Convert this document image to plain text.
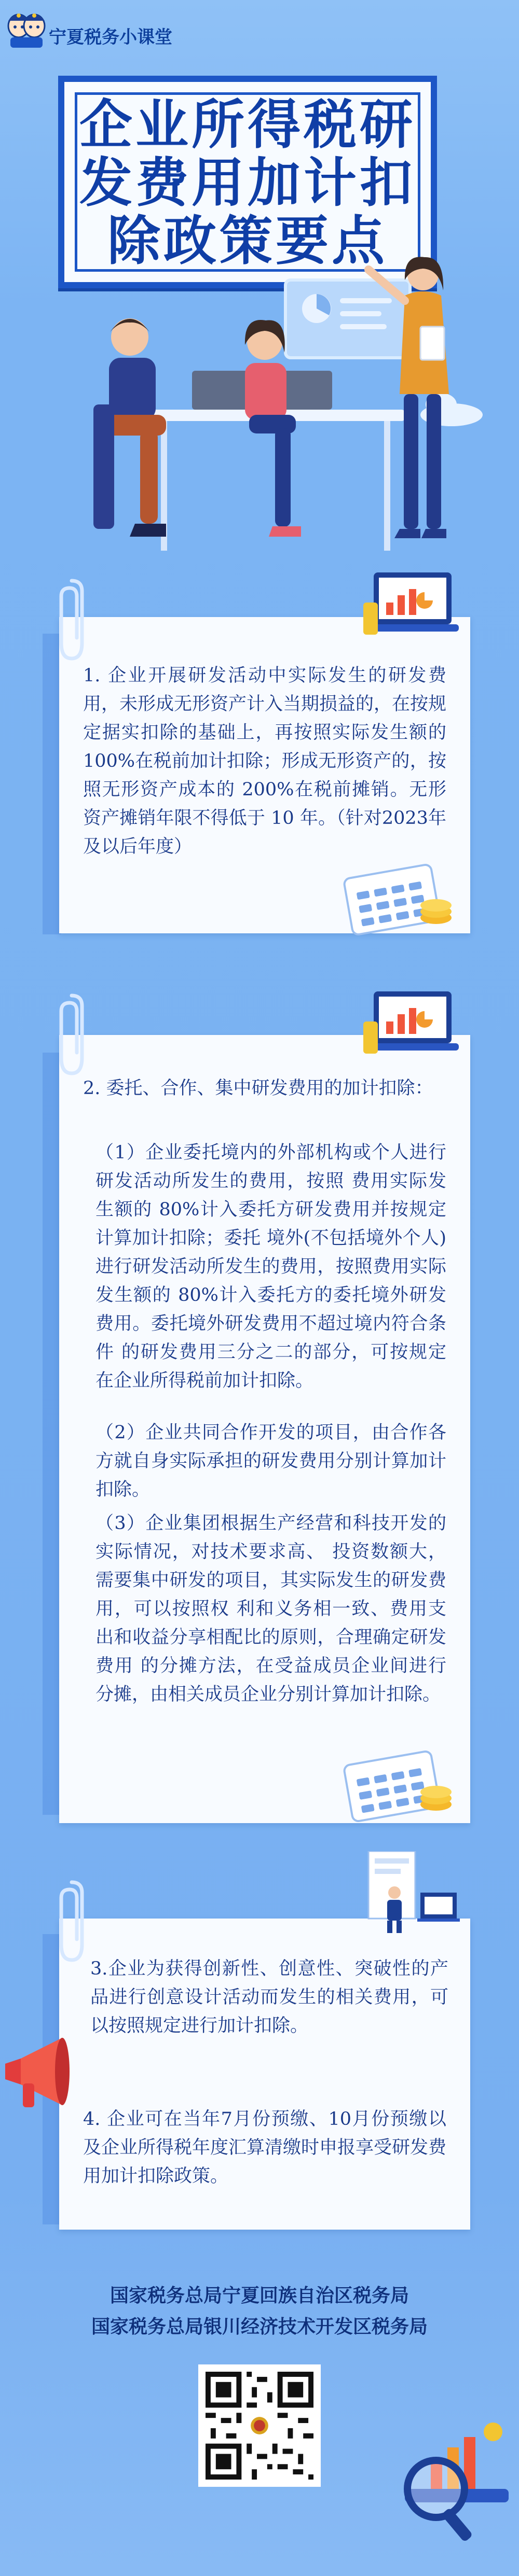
宁夏税务小课堂
企业所得税研
发费用加计扣
除政策要点
1. 企业开展研发活动中实际发生的研发费用，未形成无形资产计入当期损益的，在按规定据实扣除的基础上，再按照实际发生额的100%在税前加计扣除；形成无形资产的，按照无形资产成本的 200%在税前摊销。无形资产摊销年限不得低于 10 年。（针对2023年及以后年度）
2. 委托、合作、集中研发费用的加计扣除：
（1）企业委托境内的外部机构或个人进行研发活动所发生的费用，按照 费用实际发生额的 80%计入委托方研发费用并按规定计算加计扣除；委托 境外(不包括境外个人)进行研发活动所发生的费用，按照费用实际发生额的 80%计入委托方的委托境外研发费用。委托境外研发费用不超过境内符合条 件 的研发费用三分之二的部分，可按规定在企业所得税前加计扣除。
（2）企业共同合作开发的项目，由合作各方就自身实际承担的研发费用分别计算加计扣除。
（3）企业集团根据生产经营和科技开发的实际情况，对技术要求高、 投资数额大，需要集中研发的项目，其实际发生的研发费用，可以按照权 利和义务相一致、费用支出和收益分享相配比的原则，合理确定研发费用 的分摊方法，在受益成员企业间进行分摊，由相关成员企业分别计算加计扣除。
3.企业为获得创新性、创意性、突破性的产品进行创意设计活动而发生的相关费用，可以按照规定进行加计扣除。
4. 企业可在当年7月份预缴、10月份预缴以及企业所得税年度汇算清缴时申报享受研发费用加计扣除政策。
国家税务总局宁夏回族自治区税务局
国家税务总局银川经济技术开发区税务局
